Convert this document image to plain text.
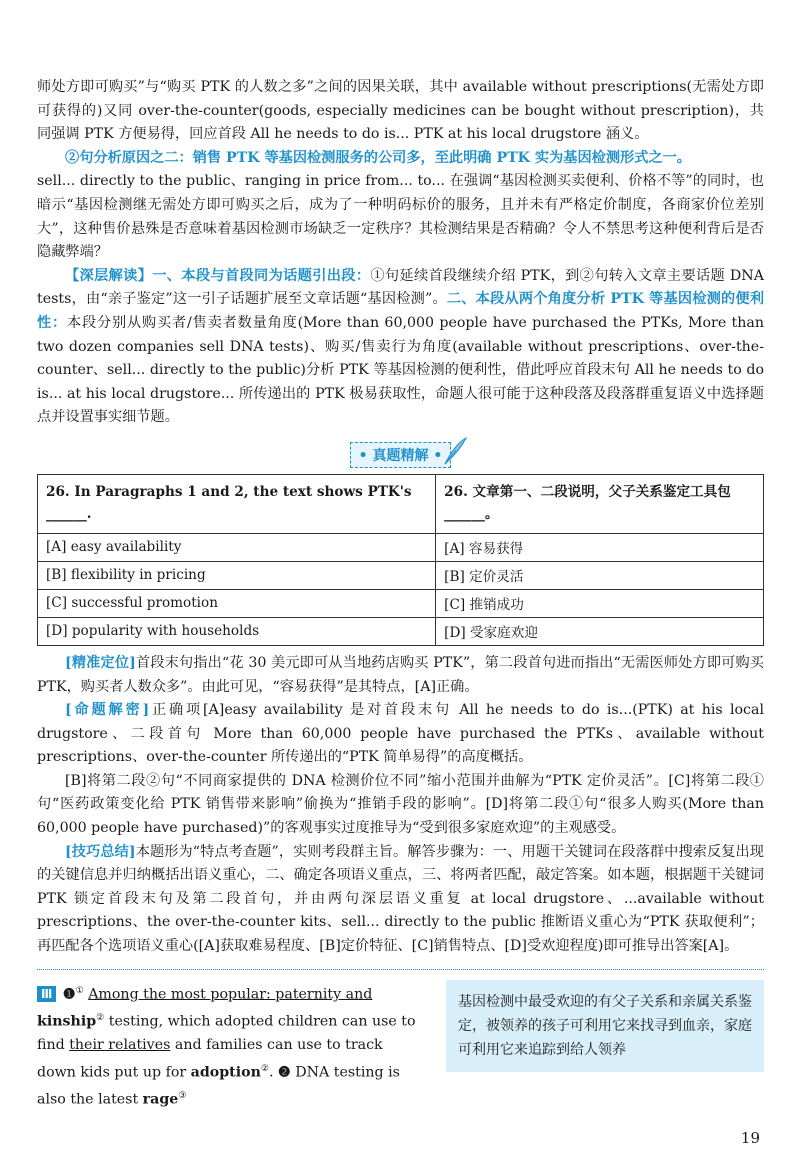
师处方即可购买”与“购买 PTK 的人数之多”之间的因果关联，其中 available without prescriptions(无需处方即可获得的)又同 over-the-counter(goods, especially medicines can be bought without prescription)，共同强调 PTK 方便易得，回应首段 All he needs to do is... PTK at his local drugstore 涵义。

②句分析原因之二：销售 PTK 等基因检测服务的公司多，至此明确 PTK 实为基因检测形式之一。

sell... directly to the public、ranging in price from... to... 在强调“基因检测买卖便利、价格不等”的同时，也暗示“基因检测继无需处方即可购买之后，成为了一种明码标价的服务，且并未有严格定价制度，各商家价位差别大”，这种售价悬殊是否意味着基因检测市场缺乏一定秩序？其检测结果是否精确？令人不禁思考这种便利背后是否隐藏弊端？

【深层解读】一、本段与首段同为话题引出段：①句延续首段继续介绍 PTK，到②句转入文章主要话题 DNA tests，由“亲子鉴定”这一引子话题扩展至文章话题“基因检测”。二、本段从两个角度分析 PTK 等基因检测的便利性：本段分别从购买者/售卖者数量角度(More than 60,000 people have purchased the PTKs, More than two dozen companies sell DNA tests)、购买/售卖行为角度(available without prescriptions、over-the-counter、sell... directly to the public)分析 PTK 等基因检测的便利性，借此呼应首段末句 All he needs to do is... at his local drugstore... 所传递出的 PTK 极易获取性，命题人很可能于这种段落及段落群重复语义中选择题点并设置事实细节题。

• 真题精解 •
26. In Paragraphs 1 and 2, the text shows PTK's ______.	26. 文章第一、二段说明，父子关系鉴定工具包______。
[A] easy availability	[A] 容易获得
[B] flexibility in pricing	[B] 定价灵活
[C] successful promotion	[C] 推销成功
[D] popularity with households	[D] 受家庭欢迎

[精准定位]首段末句指出“花 30 美元即可从当地药店购买 PTK”，第二段首句进而指出“无需医师处方即可购买 PTK，购买者人数众多”。由此可见，“容易获得”是其特点，[A]正确。

[命题解密]正确项[A]easy availability 是对首段末句 All he needs to do is...(PTK) at his local drugstore、二段首句 More than 60,000 people have purchased the PTKs、available without prescriptions、over-the-counter 所传递出的“PTK 简单易得”的高度概括。

[B]将第二段②句“不同商家提供的 DNA 检测价位不同”缩小范围并曲解为“PTK 定价灵活”。[C]将第二段①句“医药政策变化给 PTK 销售带来影响”偷换为“推销手段的影响”。[D]将第二段①句“很多人购买(More than 60,000 people have purchased)”的客观事实过度推导为“受到很多家庭欢迎”的主观感受。

[技巧总结]本题形为“特点考查题”，实则考段群主旨。解答步骤为：一、用题干关键词在段落群中搜索反复出现的关键信息并归纳概括出语义重心，二、确定各项语义重点，三、将两者匹配，敲定答案。如本题，根据题干关键词 PTK 锁定首段末句及第二段首句，并由两句深层语义重复 at local drugstore、...available without prescriptions、the over-the-counter kits、sell... directly to the public 推断语义重心为“PTK 获取便利”；再匹配各个选项语义重心([A]获取难易程度、[B]定价特征、[C]销售特点、[D]受欢迎程度)即可推导出答案[A]。

Ⅲ ❶① Among the most popular: paternity and kinship② testing, which adopted children can use to find their relatives and families can use to track down kids put up for adoption②. ❷ DNA testing is also the latest rage③
基因检测中最受欢迎的有父子关系和亲属关系鉴定，被领养的孩子可利用它来找寻到血亲，家庭可利用它来追踪到给人领养
19
